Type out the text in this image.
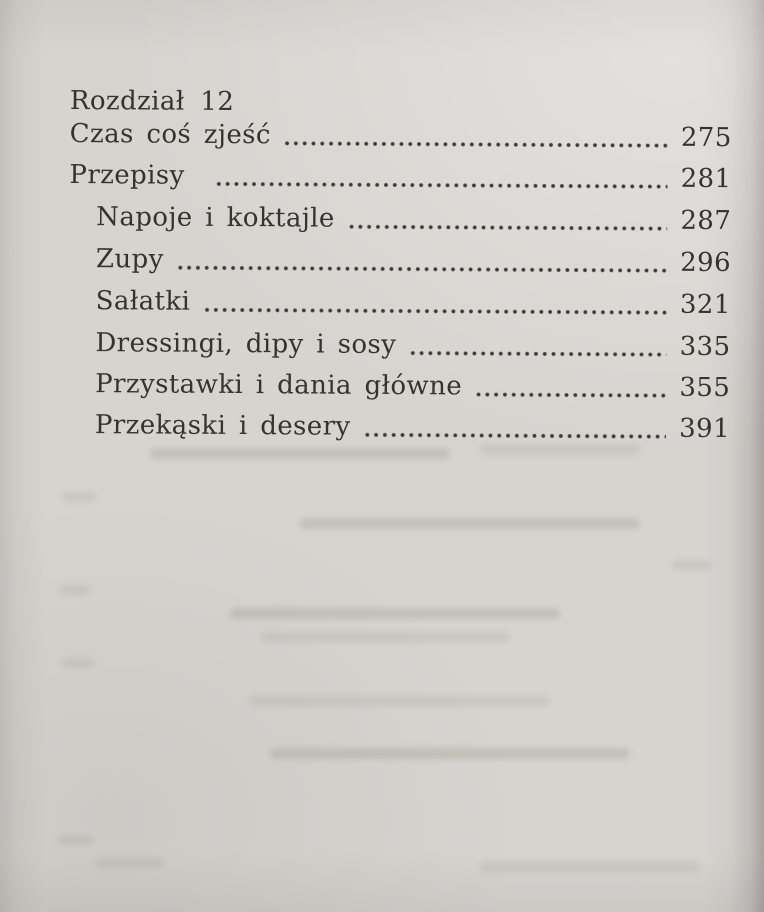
Rozdział 12
Czas coś zjeść	275
Przepisy	281
Napoje i koktajle	287
Zupy	296
Sałatki	321
Dressingi, dipy i sosy	335
Przystawki i dania główne	355
Przekąski i desery	391
